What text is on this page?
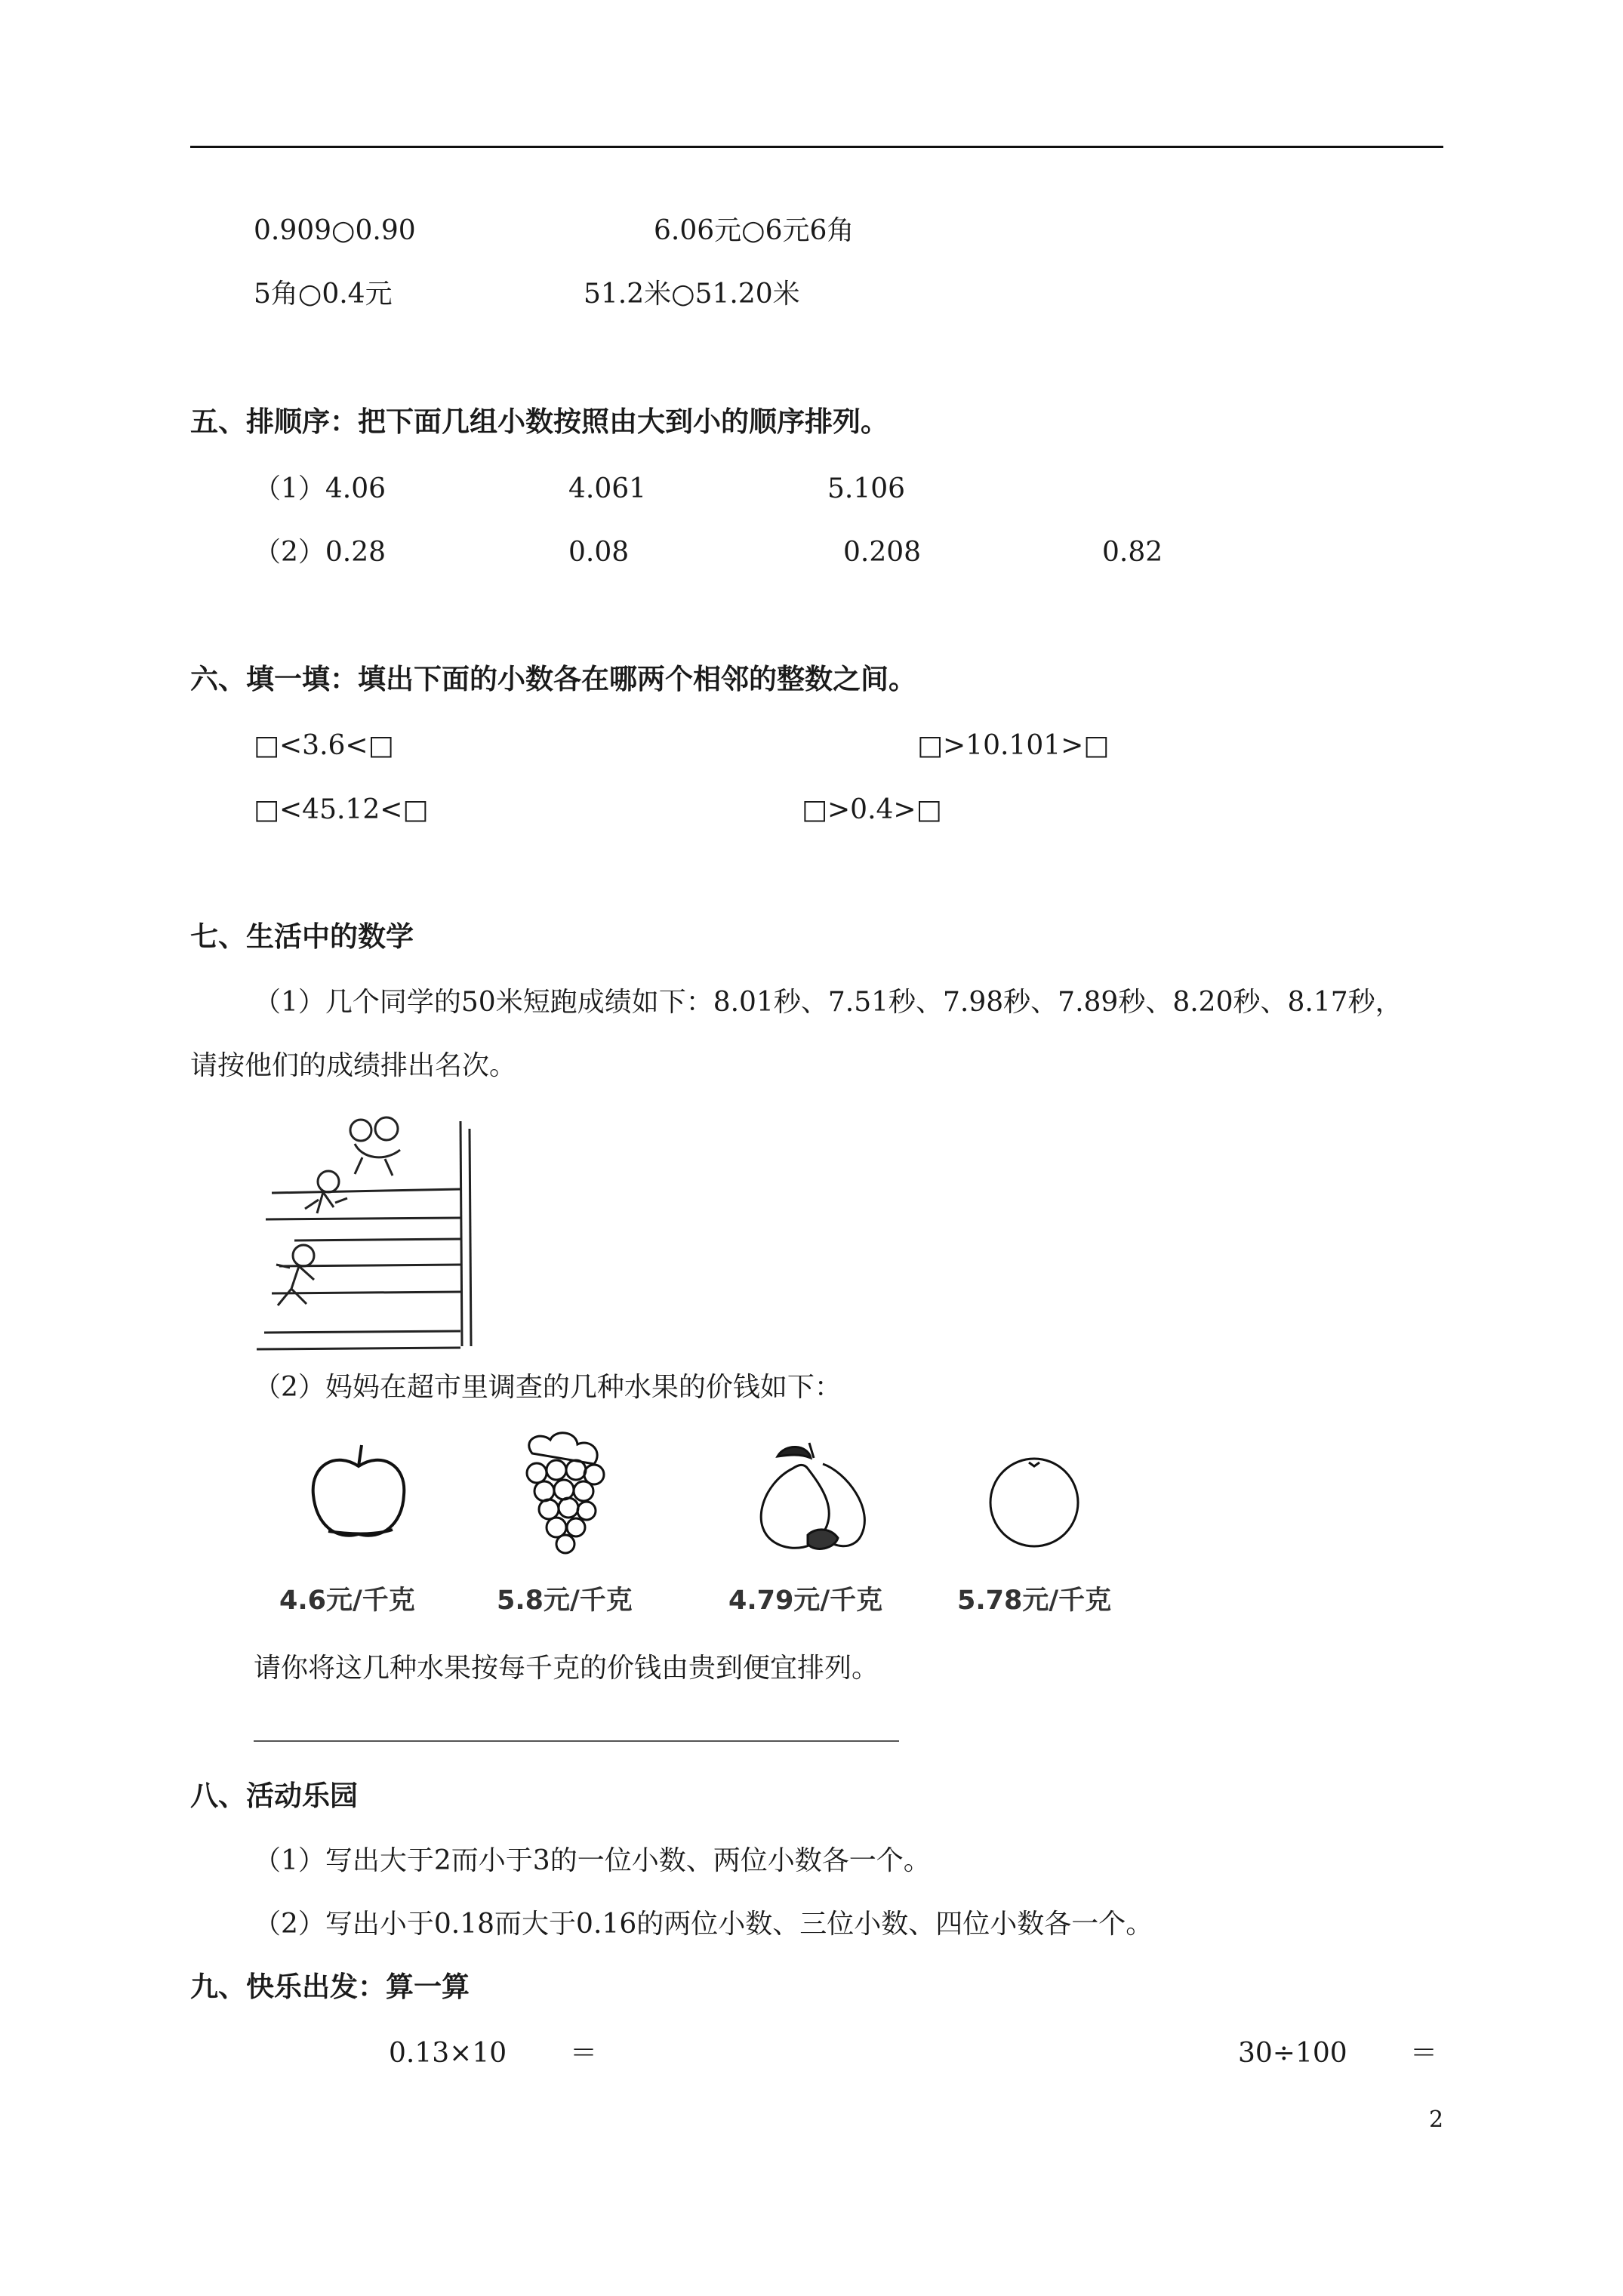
0.909○0.90	6.06元○6元6角
5角○0.4元	51.2米○51.20米
五、排顺序：把下面几组小数按照由大到小的顺序排列。
（1）4.06	4.061	5.106
（2）0.28	0.08	0.208	0.82
六、填一填：填出下面的小数各在哪两个相邻的整数之间。
□<3.6<□	□>10.101>□
□<45.12<□	□>0.4>□
七、生活中的数学
（1）几个同学的50米短跑成绩如下：8.01秒、7.51秒、7.98秒、7.89秒、8.20秒、8.17秒，
请按他们的成绩排出名次。
（2）妈妈在超市里调查的几种水果的价钱如下：
4.6元/千克	5.8元/千克	4.79元/千克	5.78元/千克
请你将这几种水果按每千克的价钱由贵到便宜排列。
八、活动乐园
（1）写出大于2而小于3的一位小数、两位小数各一个。
（2）写出小于0.18而大于0.16的两位小数、三位小数、四位小数各一个。
九、快乐出发：算一算
0.13×10 ＝	30÷100 ＝
2
